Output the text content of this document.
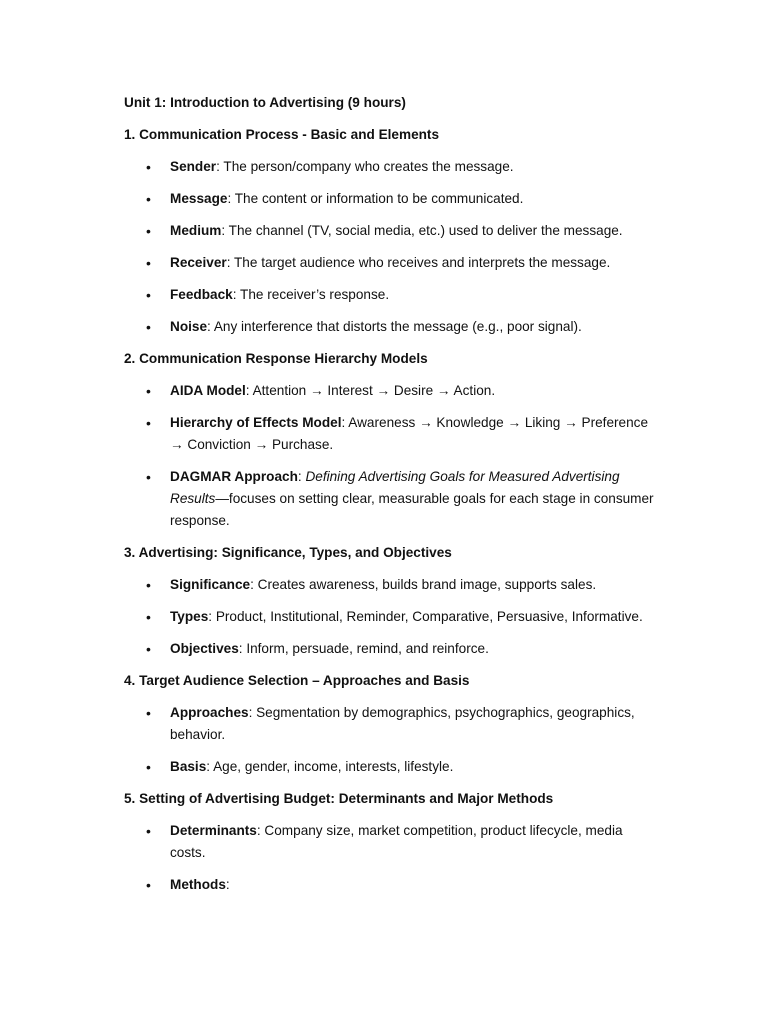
Unit 1: Introduction to Advertising (9 hours)
1. Communication Process - Basic and Elements
• Sender: The person/company who creates the message.
• Message: The content or information to be communicated.
• Medium: The channel (TV, social media, etc.) used to deliver the message.
• Receiver: The target audience who receives and interprets the message.
• Feedback: The receiver’s response.
• Noise: Any interference that distorts the message (e.g., poor signal).
2. Communication Response Hierarchy Models
• AIDA Model: Attention → Interest → Desire → Action.
• Hierarchy of Effects Model: Awareness → Knowledge → Liking → Preference → Conviction → Purchase.
• DAGMAR Approach: Defining Advertising Goals for Measured Advertising Results—focuses on setting clear, measurable goals for each stage in consumer response.
3. Advertising: Significance, Types, and Objectives
• Significance: Creates awareness, builds brand image, supports sales.
• Types: Product, Institutional, Reminder, Comparative, Persuasive, Informative.
• Objectives: Inform, persuade, remind, and reinforce.
4. Target Audience Selection – Approaches and Basis
• Approaches: Segmentation by demographics, psychographics, geographics, behavior.
• Basis: Age, gender, income, interests, lifestyle.
5. Setting of Advertising Budget: Determinants and Major Methods
• Determinants: Company size, market competition, product lifecycle, media costs.
• Methods:
